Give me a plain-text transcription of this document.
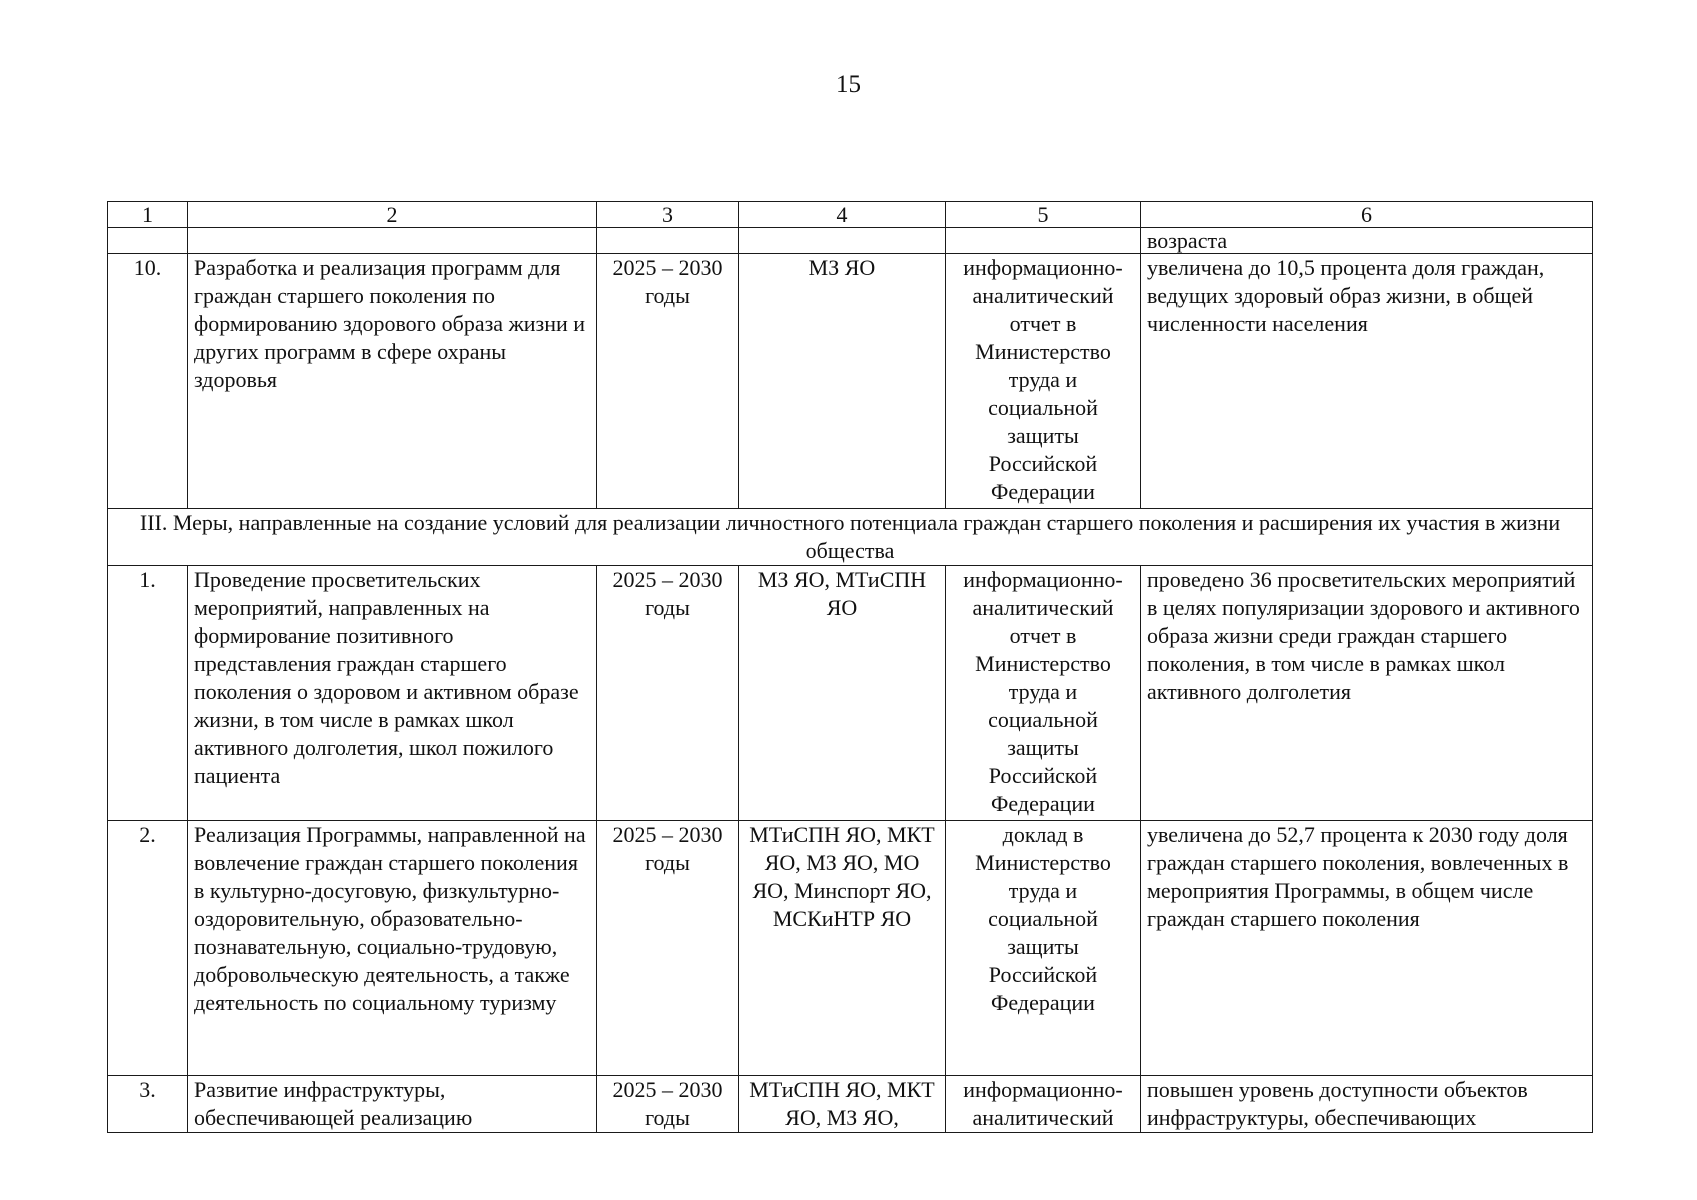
15
1	2	3	4	5	6
					возраста
10.	Разработка и реализация программ для граждан старшего поколения по формированию здорового образа жизни и других программ в сфере охраны здоровья	2025 – 2030 годы	МЗ ЯО	информационно-аналитический отчет в Министерство труда и социальной защиты Российской Федерации	увеличена до 10,5 процента доля граждан, ведущих здоровый образ жизни, в общей численности населения
III. Меры, направленные на создание условий для реализации личностного потенциала граждан старшего поколения и расширения их участия в жизни общества					
1.	Проведение просветительских мероприятий, направленных на формирование позитивного представления граждан старшего поколения о здоровом и активном образе жизни, в том числе в рамках школ активного долголетия, школ пожилого пациента	2025 – 2030 годы	МЗ ЯО, МТиСПН ЯО	информационно-аналитический отчет в Министерство труда и социальной защиты Российской Федерации	проведено 36 просветительских мероприятий в целях популяризации здорового и активного образа жизни среди граждан старшего поколения, в том числе в рамках школ активного долголетия
2.	Реализация Программы, направленной на вовлечение граждан старшего поколения в культурно-досуговую, физкультурно-оздоровительную, образовательно-познавательную, социально-трудовую, добровольческую деятельность, а также деятельность по социальному туризму	2025 – 2030 годы	МТиСПН ЯО, МКТ ЯО, МЗ ЯО, МО ЯО, Минспорт ЯО, МСКиНТР ЯО	доклад в Министерство труда и социальной защиты Российской Федерации	увеличена до 52,7 процента к 2030 году доля граждан старшего поколения, вовлеченных в мероприятия Программы, в общем числе граждан старшего поколения
3.	Развитие инфраструктуры, обеспечивающей реализацию	2025 – 2030 годы	МТиСПН ЯО, МКТ ЯО, МЗ ЯО,	информационно-аналитический	повышен уровень доступности объектов инфраструктуры, обеспечивающих
